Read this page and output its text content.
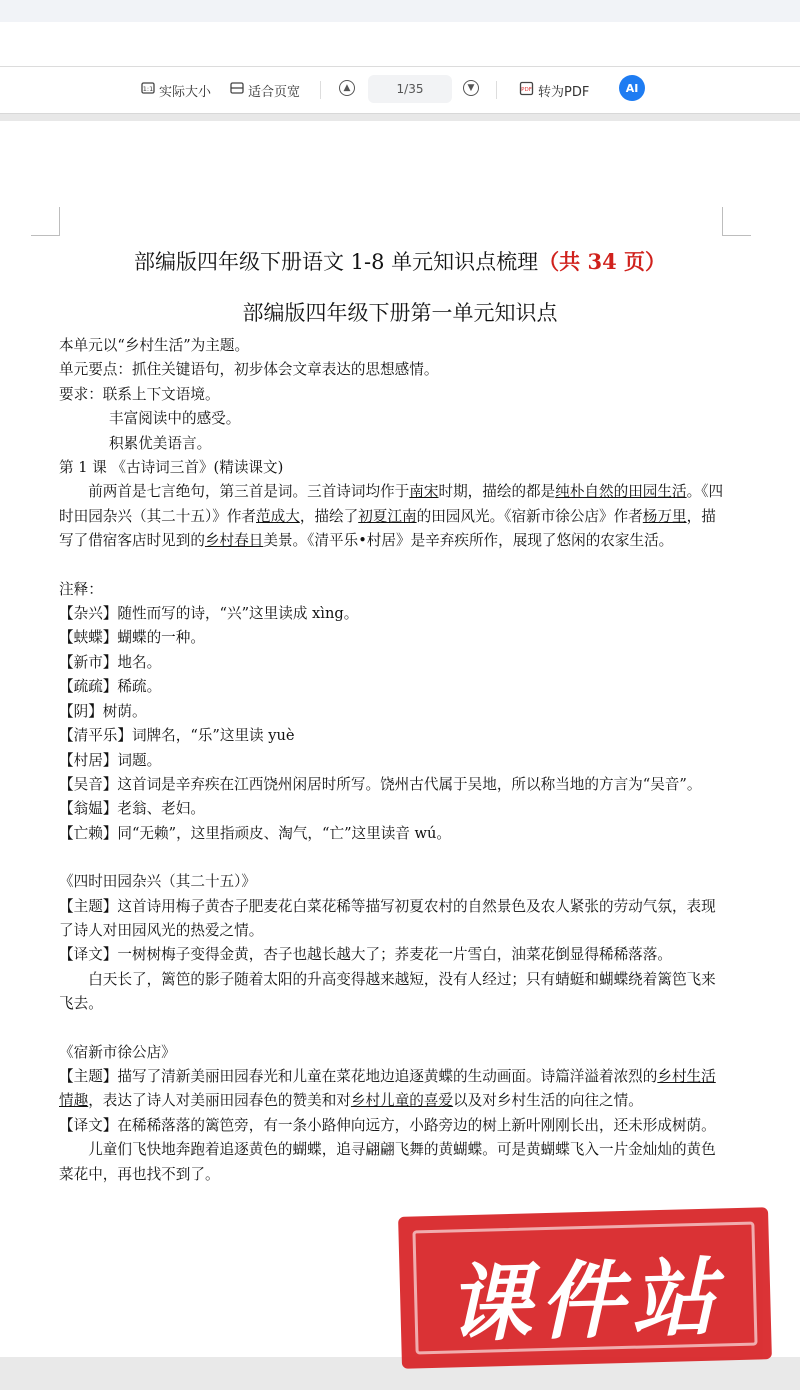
1:1 实际大小	适合页宽	▲	1/35	▼	PDF 转为PDF	AI
部编版四年级下册语文 1-8 单元知识点梳理（共 34 页）
部编版四年级下册第一单元知识点

本单元以“乡村生活”为主题。

单元要点：抓住关键语句，初步体会文章表达的思想感情。

要求：联系上下文语境。

丰富阅读中的感受。

积累优美语言。

第 1 课 《古诗词三首》(精读课文)

前两首是七言绝句，第三首是词。三首诗词均作于南宋时期，描绘的都是纯朴自然的田园生活。《四时田园杂兴（其二十五）》作者范成大，描绘了初夏江南的田园风光。《宿新市徐公店》作者杨万里，描写了借宿客店时见到的乡村春日美景。《清平乐•村居》是辛弃疾所作，展现了悠闲的农家生活。

注释：

【杂兴】随性而写的诗，“兴”这里读成 xìng。

【蛱蝶】蝴蝶的一种。

【新市】地名。

【疏疏】稀疏。

【阴】树荫。

【清平乐】词牌名，“乐”这里读 yuè

【村居】词题。

【吴音】这首词是辛弃疾在江西饶州闲居时所写。饶州古代属于吴地，所以称当地的方言为“吴音”。

【翁媪】老翁、老妇。

【亡赖】同“无赖”，这里指顽皮、淘气，“亡”这里读音 wú。

《四时田园杂兴（其二十五）》

【主题】这首诗用梅子黄杏子肥麦花白菜花稀等描写初夏农村的自然景色及农人紧张的劳动气氛，表现了诗人对田园风光的热爱之情。

【译文】一树树梅子变得金黄，杏子也越长越大了；荞麦花一片雪白，油菜花倒显得稀稀落落。

白天长了，篱笆的影子随着太阳的升高变得越来越短，没有人经过；只有蜻蜓和蝴蝶绕着篱笆飞来飞去。

《宿新市徐公店》

【主题】描写了清新美丽田园春光和儿童在菜花地边追逐黄蝶的生动画面。诗篇洋溢着浓烈的乡村生活情趣，表达了诗人对美丽田园春色的赞美和对乡村儿童的喜爱以及对乡村生活的向往之情。

【译文】在稀稀落落的篱笆旁，有一条小路伸向远方，小路旁边的树上新叶刚刚长出，还未形成树荫。

儿童们飞快地奔跑着追逐黄色的蝴蝶，追寻翩翩飞舞的黄蝴蝶。可是黄蝴蝶飞入一片金灿灿的黄色菜花中，再也找不到了。

课件站
